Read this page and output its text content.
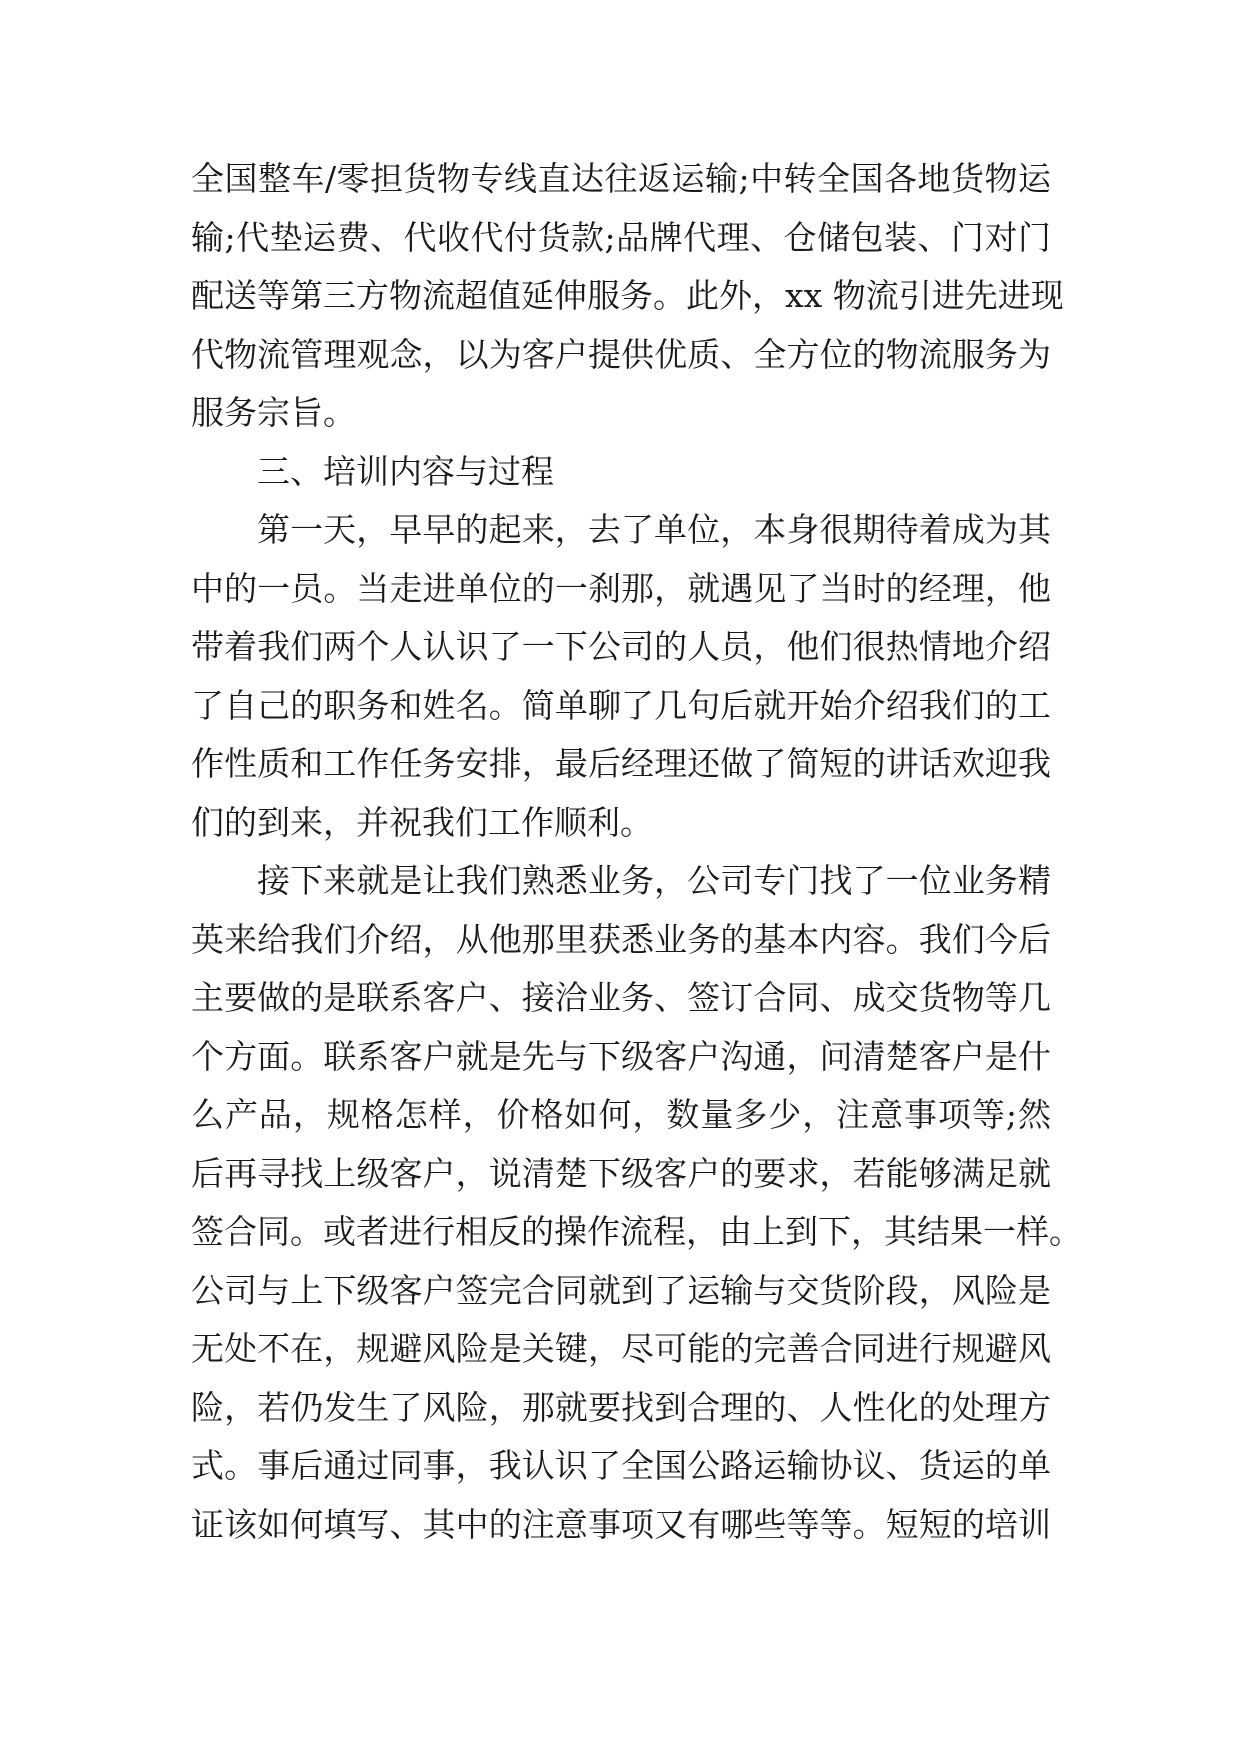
全国整车/零担货物专线直达往返运输;中转全国各地货物运
输;代垫运费、代收代付货款;品牌代理、仓储包装、门对门
配送等第三方物流超值延伸服务。此外，xx 物流引进先进现
代物流管理观念，以为客户提供优质、全方位的物流服务为
服务宗旨。
三、培训内容与过程
第一天，早早的起来，去了单位，本身很期待着成为其
中的一员。当走进单位的一刹那，就遇见了当时的经理，他
带着我们两个人认识了一下公司的人员，他们很热情地介绍
了自己的职务和姓名。简单聊了几句后就开始介绍我们的工
作性质和工作任务安排，最后经理还做了简短的讲话欢迎我
们的到来，并祝我们工作顺利。
接下来就是让我们熟悉业务，公司专门找了一位业务精
英来给我们介绍，从他那里获悉业务的基本内容。我们今后
主要做的是联系客户、接洽业务、签订合同、成交货物等几
个方面。联系客户就是先与下级客户沟通，问清楚客户是什
么产品，规格怎样，价格如何，数量多少，注意事项等;然
后再寻找上级客户，说清楚下级客户的要求，若能够满足就
签合同。或者进行相反的操作流程，由上到下，其结果一样。
公司与上下级客户签完合同就到了运输与交货阶段，风险是
无处不在，规避风险是关键，尽可能的完善合同进行规避风
险，若仍发生了风险，那就要找到合理的、人性化的处理方
式。事后通过同事，我认识了全国公路运输协议、货运的单
证该如何填写、其中的注意事项又有哪些等等。短短的培训
